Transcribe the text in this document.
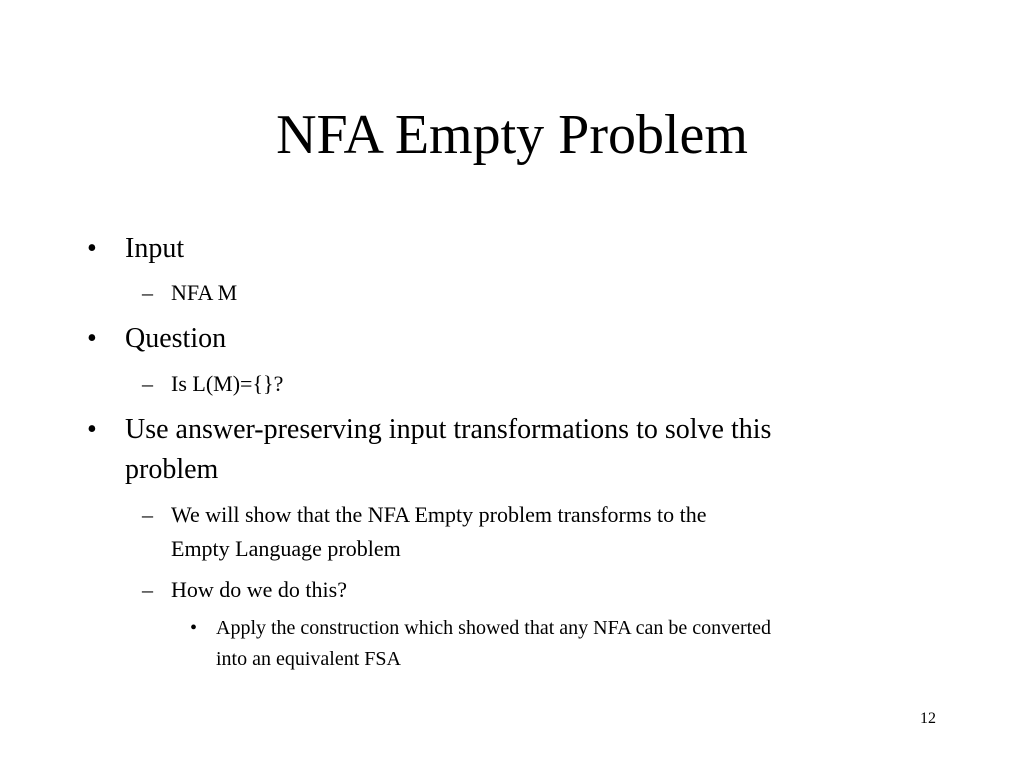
NFA Empty Problem
• Input
– NFA M
• Question
– Is L(M)={}?
• Use answer-preserving input transformations to solve this
problem
– We will show that the NFA Empty problem transforms to the
Empty Language problem
– How do we do this?
• Apply the construction which showed that any NFA can be converted
into an equivalent FSA
12
